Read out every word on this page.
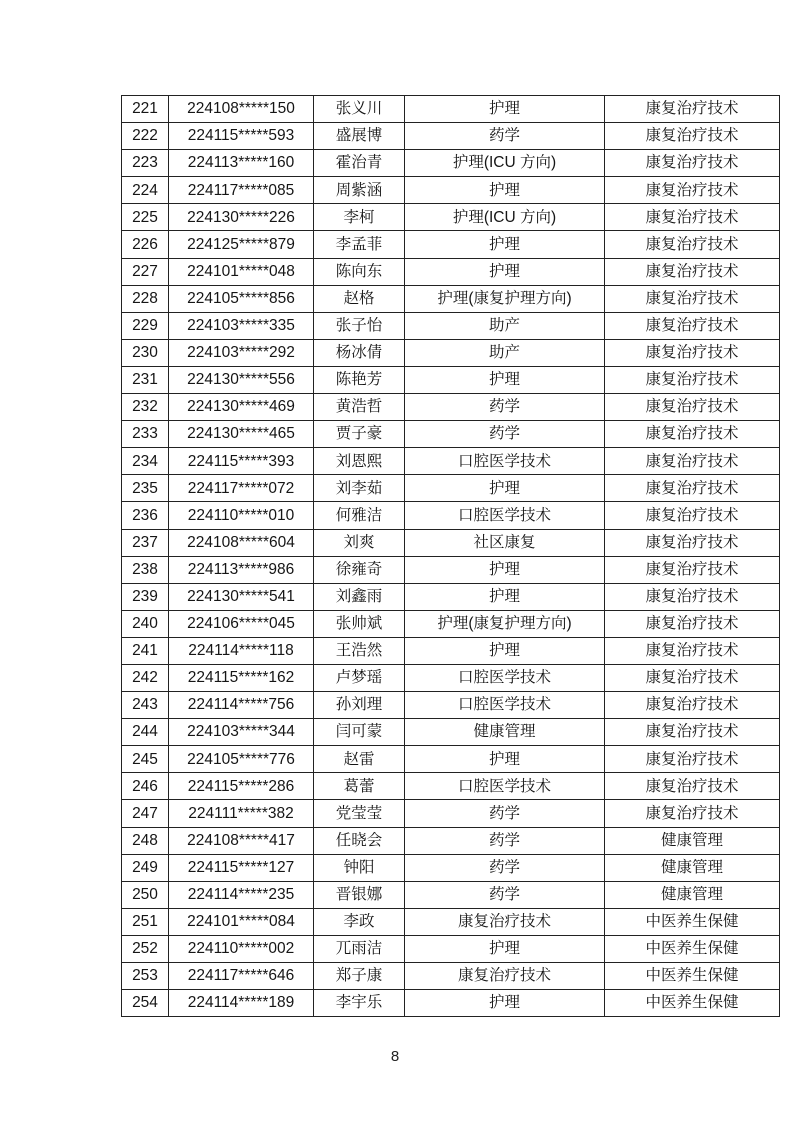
221	224108*****150	张义川	护理	康复治疗技术
222	224115*****593	盛展博	药学	康复治疗技术
223	224113*****160	霍治青	护理(ICU 方向)	康复治疗技术
224	224117*****085	周紫涵	护理	康复治疗技术
225	224130*****226	李柯	护理(ICU 方向)	康复治疗技术
226	224125*****879	李孟菲	护理	康复治疗技术
227	224101*****048	陈向东	护理	康复治疗技术
228	224105*****856	赵格	护理(康复护理方向)	康复治疗技术
229	224103*****335	张子怡	助产	康复治疗技术
230	224103*****292	杨冰倩	助产	康复治疗技术
231	224130*****556	陈艳芳	护理	康复治疗技术
232	224130*****469	黄浩哲	药学	康复治疗技术
233	224130*****465	贾子豪	药学	康复治疗技术
234	224115*****393	刘恩熙	口腔医学技术	康复治疗技术
235	224117*****072	刘李茹	护理	康复治疗技术
236	224110*****010	何雅洁	口腔医学技术	康复治疗技术
237	224108*****604	刘爽	社区康复	康复治疗技术
238	224113*****986	徐雍奇	护理	康复治疗技术
239	224130*****541	刘鑫雨	护理	康复治疗技术
240	224106*****045	张帅斌	护理(康复护理方向)	康复治疗技术
241	224114*****118	王浩然	护理	康复治疗技术
242	224115*****162	卢梦瑶	口腔医学技术	康复治疗技术
243	224114*****756	孙刘理	口腔医学技术	康复治疗技术
244	224103*****344	闫可蒙	健康管理	康复治疗技术
245	224105*****776	赵雷	护理	康复治疗技术
246	224115*****286	葛蕾	口腔医学技术	康复治疗技术
247	224111*****382	党莹莹	药学	康复治疗技术
248	224108*****417	任晓会	药学	健康管理
249	224115*****127	钟阳	药学	健康管理
250	224114*****235	晋银娜	药学	健康管理
251	224101*****084	李政	康复治疗技术	中医养生保健
252	224110*****002	兀雨洁	护理	中医养生保健
253	224117*****646	郑子康	康复治疗技术	中医养生保健
254	224114*****189	李宇乐	护理	中医养生保健
8
